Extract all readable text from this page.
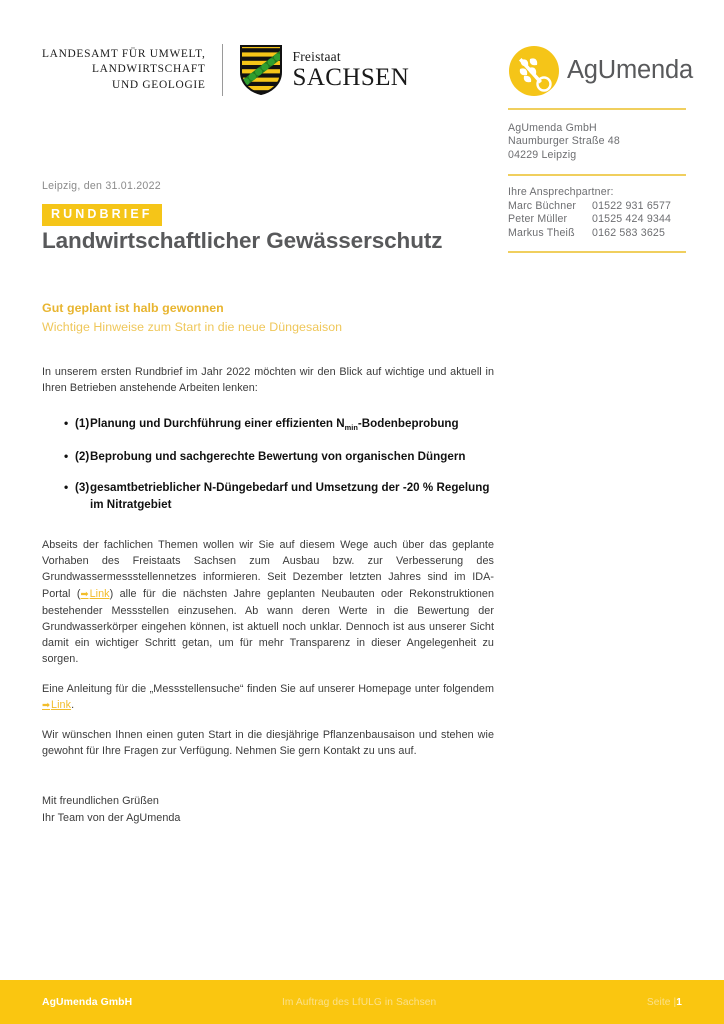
LANDESAMT FÜR UMWELT,
LANDWIRTSCHAFT
UND GEOLOGIE
Freistaat
SACHSEN	AgUmenda
AgUmenda GmbH
Naumburger Straße 48
04229 Leipzig
Ihre Ansprechpartner:
Marc Büchner	01522 931 6577
Peter Müller	01525 424 9344
Markus Theiß	0162 583 3625
Leipzig, den 31.01.2022
RUNDBRIEF
Landwirtschaftlicher Gewässerschutz
Gut geplant ist halb gewonnen
Wichtige Hinweise zum Start in die neue Düngesaison
In unserem ersten Rundbrief im Jahr 2022 möchten wir den Blick auf wichtige und aktuell in Ihren Betrieben anstehende Arbeiten lenken:
• (1) Planung und Durchführung einer effizienten $N_{min}$-Bodenbeprobung
• (2) Beprobung und sachgerechte Bewertung von organischen Düngern
• (3) gesamtbetrieblicher N-Düngebedarf und Umsetzung der -20 % Regelung im Nitratgebiet
Abseits der fachlichen Themen wollen wir Sie auf diesem Wege auch über das geplante Vorhaben des Freistaats Sachsen zum Ausbau bzw. zur Verbesserung des Grundwassermessstellennetzes informieren. Seit Dezember letzten Jahres sind im IDA-Portal (➡Link) alle für die nächsten Jahre geplanten Neubauten oder Rekonstruktionen bestehender Messstellen einzusehen. Ab wann deren Werte in die Bewertung der Grundwasserkörper eingehen können, ist aktuell noch unklar. Dennoch ist aus unserer Sicht damit ein wichtiger Schritt getan, um für mehr Transparenz in dieser Angelegenheit zu sorgen.
Eine Anleitung für die „Messstellensuche“ finden Sie auf unserer Homepage unter folgendem ➡Link.
Wir wünschen Ihnen einen guten Start in die diesjährige Pflanzenbausaison und stehen wie gewohnt für Ihre Fragen zur Verfügung. Nehmen Sie gern Kontakt zu uns auf.
Mit freundlichen Grüßen
Ihr Team von der AgUmenda
AgUmenda GmbH	Im Auftrag des LfULG in Sachsen	Seite |1
